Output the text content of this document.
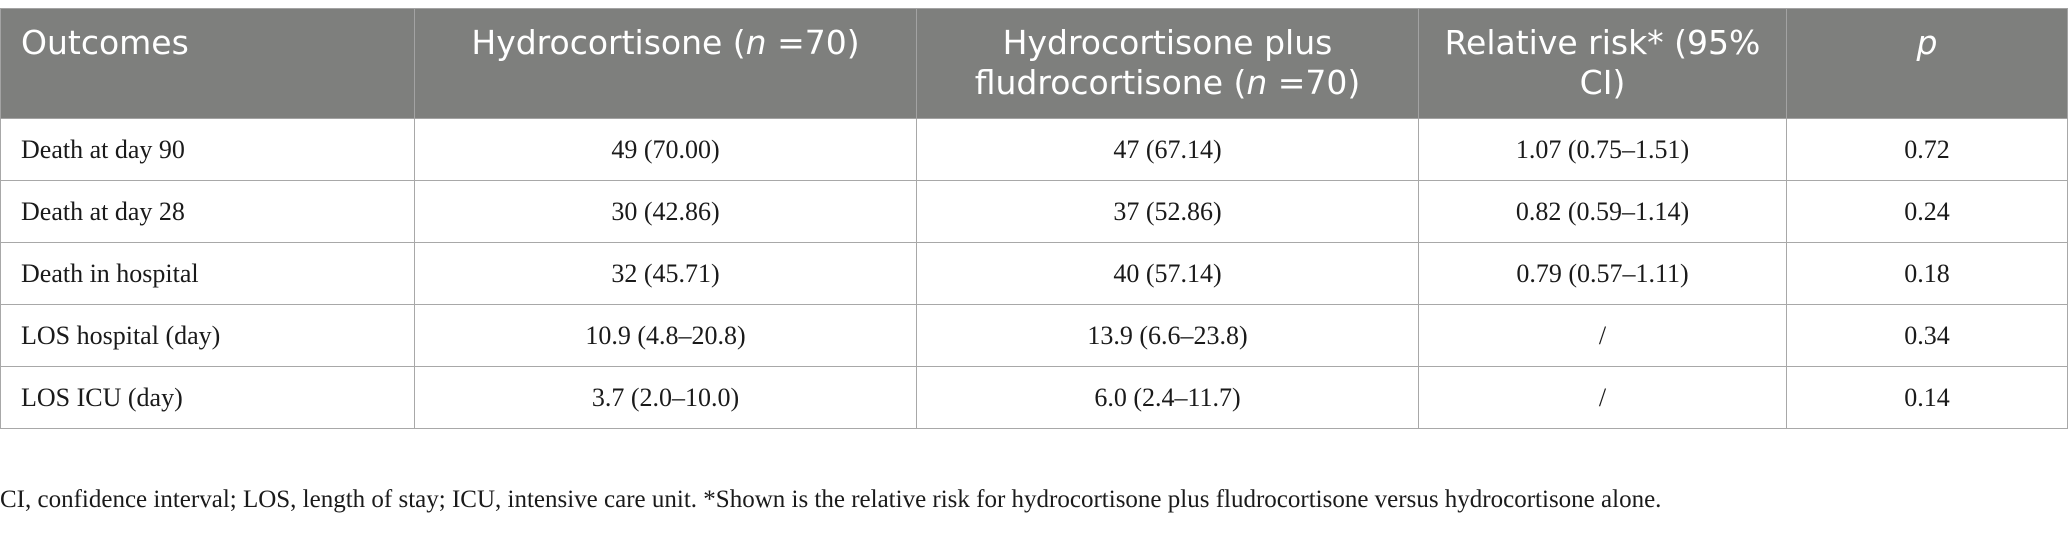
Outcomes	Hydrocortisone (n =70)	Hydrocortisone plus fludrocortisone (n =70)	Relative risk* (95% CI)	p
Death at day 90	49 (70.00)	47 (67.14)	1.07 (0.75–1.51)	0.72
Death at day 28	30 (42.86)	37 (52.86)	0.82 (0.59–1.14)	0.24
Death in hospital	32 (45.71)	40 (57.14)	0.79 (0.57–1.11)	0.18
LOS hospital (day)	10.9 (4.8–20.8)	13.9 (6.6–23.8)	/	0.34
LOS ICU (day)	3.7 (2.0–10.0)	6.0 (2.4–11.7)	/	0.14
CI, confidence interval; LOS, length of stay; ICU, intensive care unit. *Shown is the relative risk for hydrocortisone plus fludrocortisone versus hydrocortisone alone.
